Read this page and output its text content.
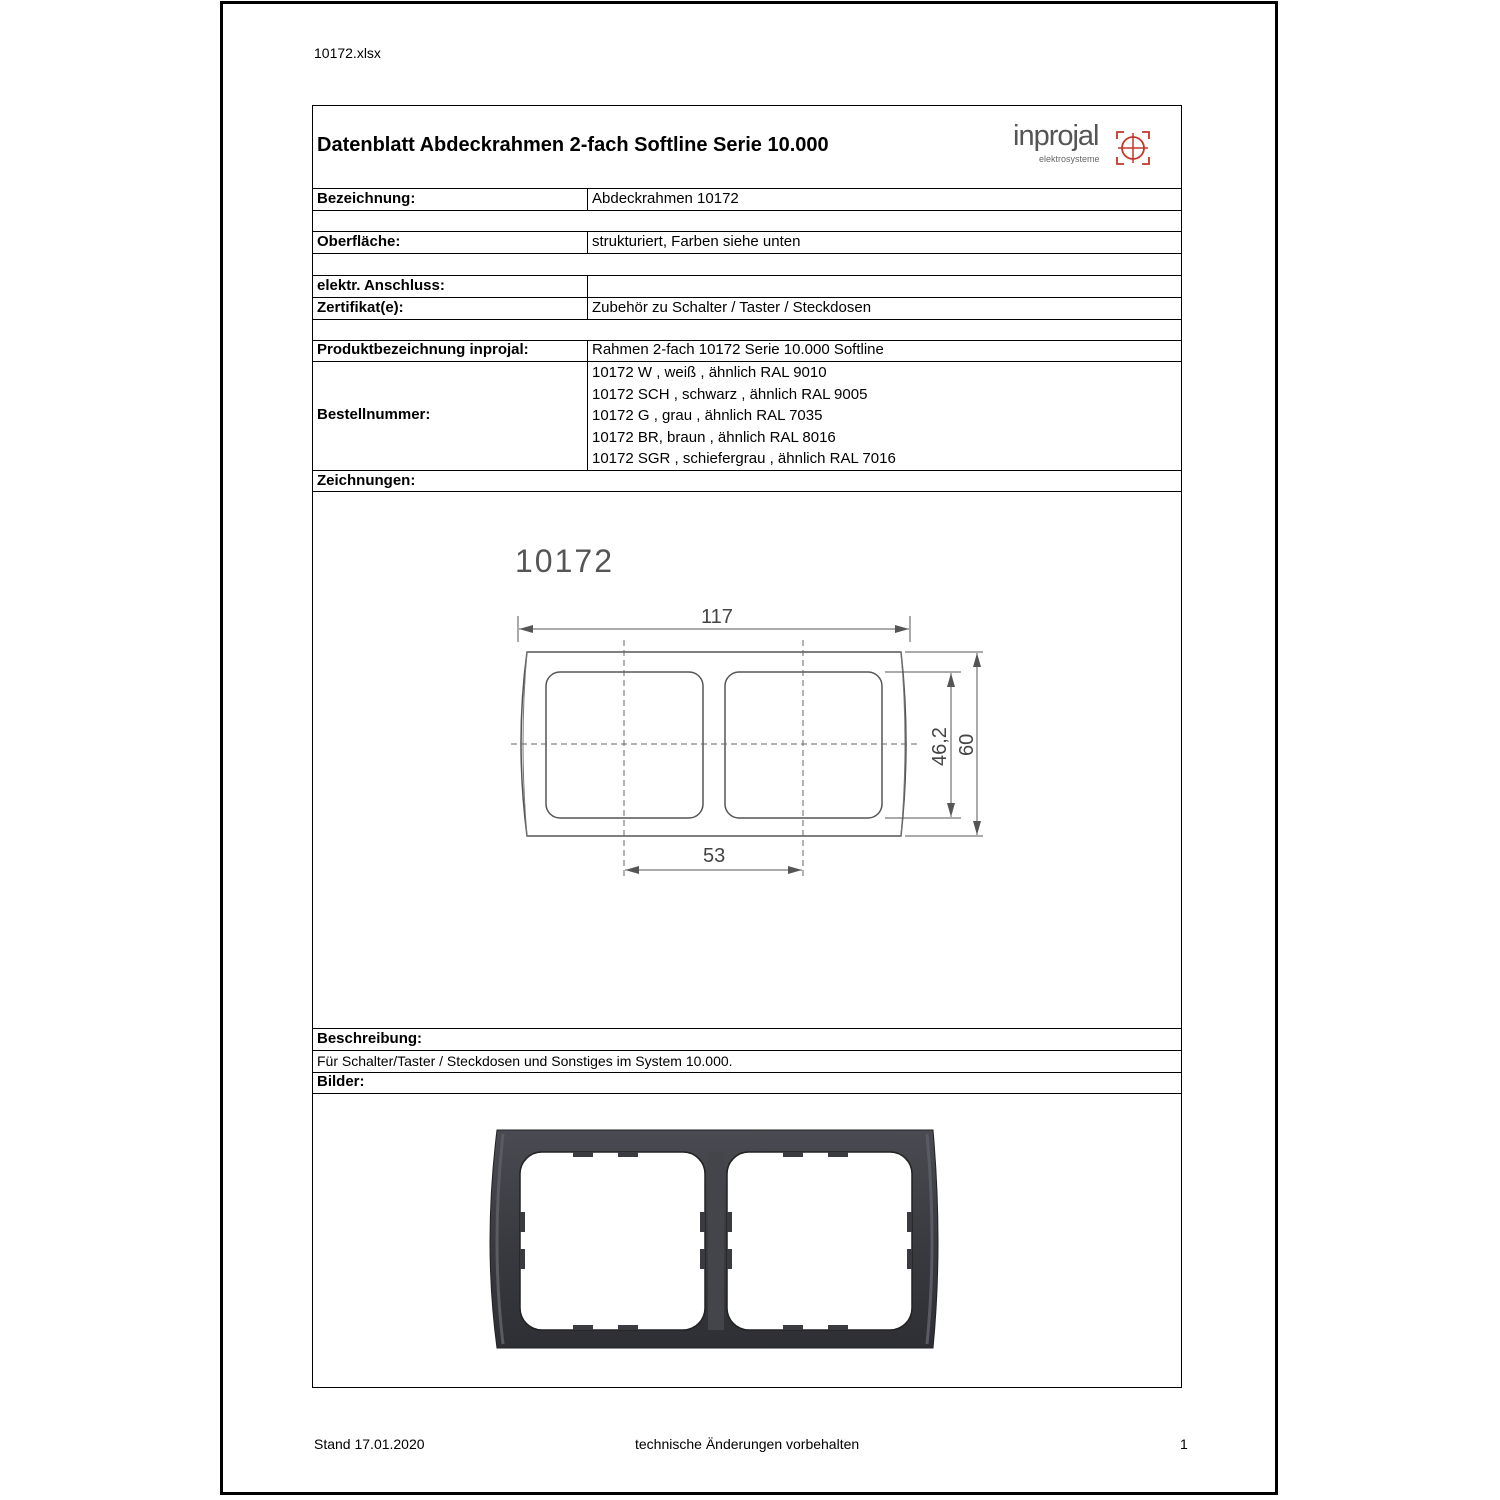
10172.xlsx
Datenblatt Abdeckrahmen 2-fach Softline Serie 10.000	inprojal
elektrosysteme
Bezeichnung:	Abdeckrahmen 10172
Oberfläche:	strukturiert, Farben siehe unten
elektr. Anschluss:
Zertifikat(e):	Zubehör zu Schalter / Taster / Steckdosen
Produktbezeichnung inprojal:	Rahmen 2-fach 10172 Serie 10.000 Softline
Bestellnummer:
10172 W , weiß , ähnlich RAL 9010
10172 SCH , schwarz , ähnlich RAL 9005
10172 G , grau , ähnlich RAL 7035
10172 BR, braun , ähnlich RAL 8016
10172 SGR , schiefergrau , ähnlich RAL 7016
Zeichnungen:
10172
117
53
46,2 60
Beschreibung:
Für Schalter/Taster / Steckdosen und Sonstiges im System 10.000.
Bilder:
Stand 17.01.2020	technische Änderungen vorbehalten	1
